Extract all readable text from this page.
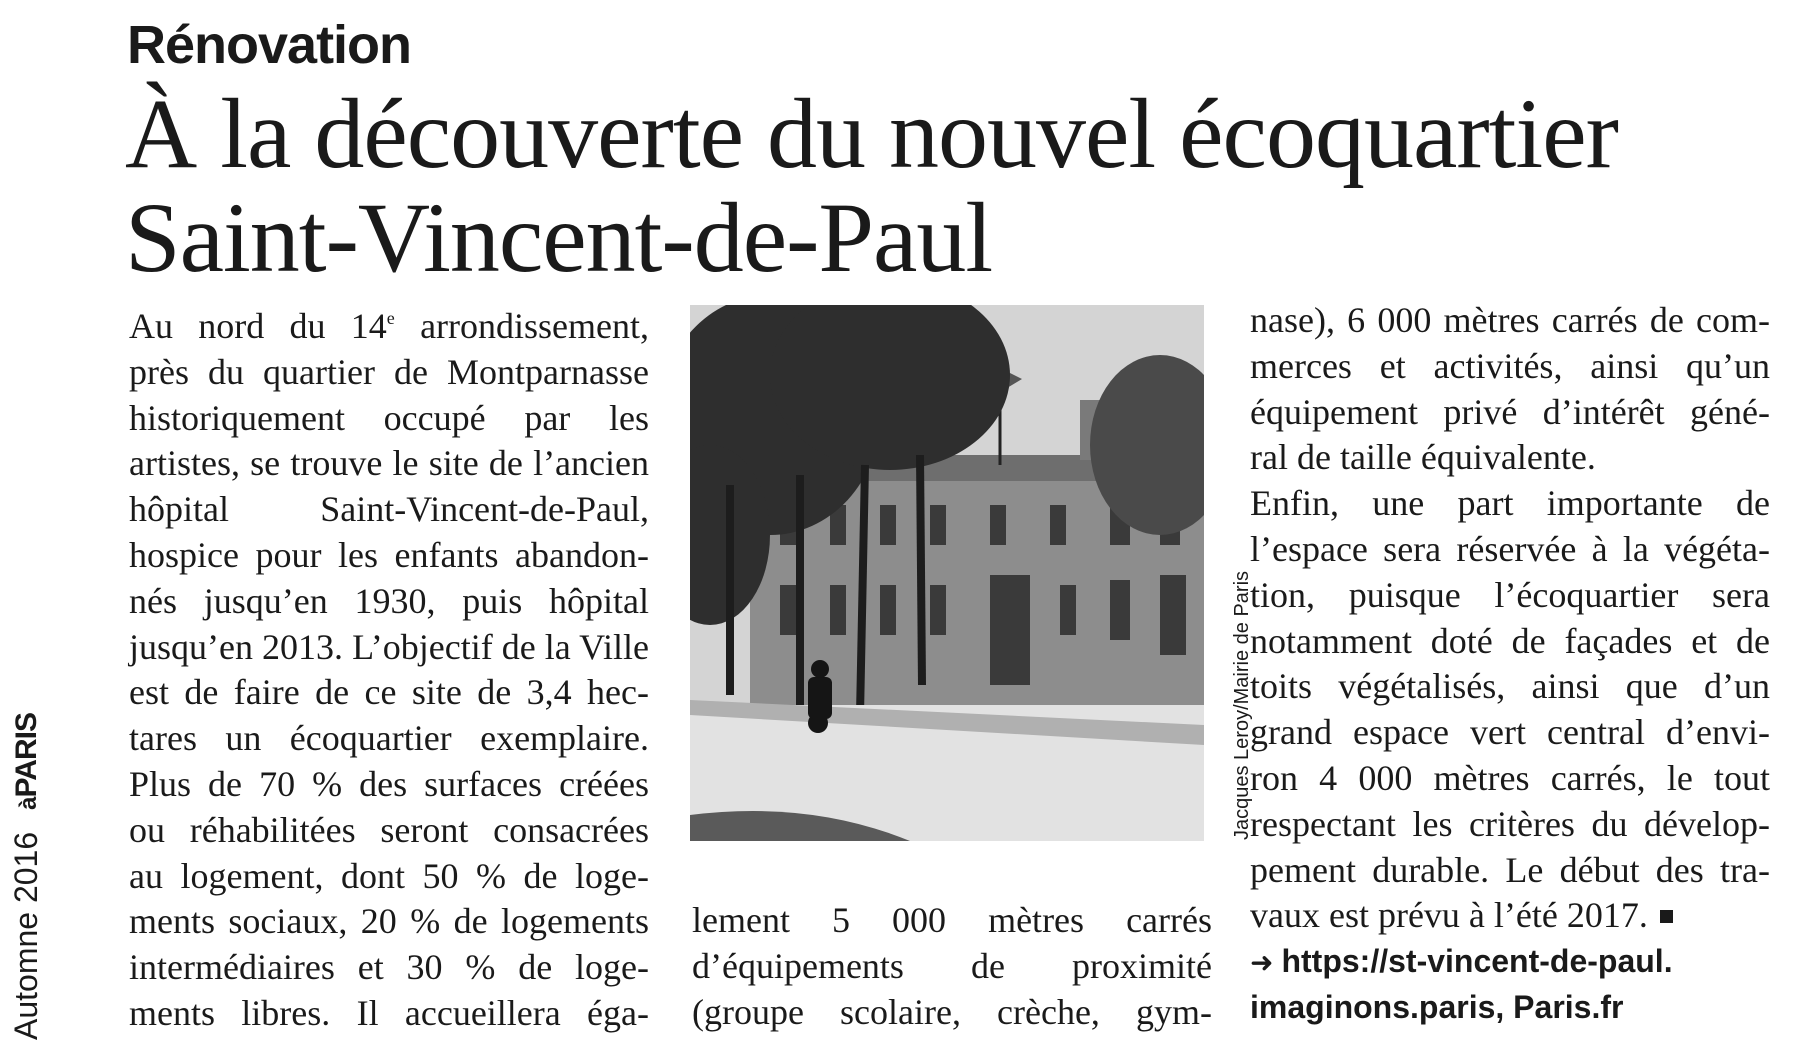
Rénovation
À la découverte du nouvel écoquartier
Saint-Vincent-de-Paul
Au nord du 14e arrondissement,
près du quartier de Montparnasse
historiquement occupé par les
artistes, se trouve le site de l’ancien
hôpital Saint-Vincent-de-Paul,
hospice pour les enfants abandon-
nés jusqu’en 1930, puis hôpital
jusqu’en 2013. L’objectif de la Ville
est de faire de ce site de 3,4 hec-
tares un écoquartier exemplaire.
Plus de 70 % des surfaces créées
ou réhabilitées seront consacrées
au logement, dont 50 % de loge-
ments sociaux, 20 % de logements
intermédiaires et 30 % de loge-
ments libres. Il accueillera éga-
Jacques Leroy/Mairie de Paris
lement 5 000 mètres carrés
d’équipements de proximité
(groupe scolaire, crèche, gym-
nase), 6 000 mètres carrés de com-
merces et activités, ainsi qu’un
équipement privé d’intérêt géné-
ral de taille équivalente.
Enfin, une part importante de
l’espace sera réservée à la végéta-
tion, puisque l’écoquartier sera
notamment doté de façades et de
toits végétalisés, ainsi que d’un
grand espace vert central d’envi-
ron 4 000 mètres carrés, le tout
respectant les critères du dévelop-
pement durable. Le début des tra-
vaux est prévu à l’été 2017.
➜ https://st-vincent-de-paul.
imaginons.paris, Paris.fr
Automne 2016
àPARIS
